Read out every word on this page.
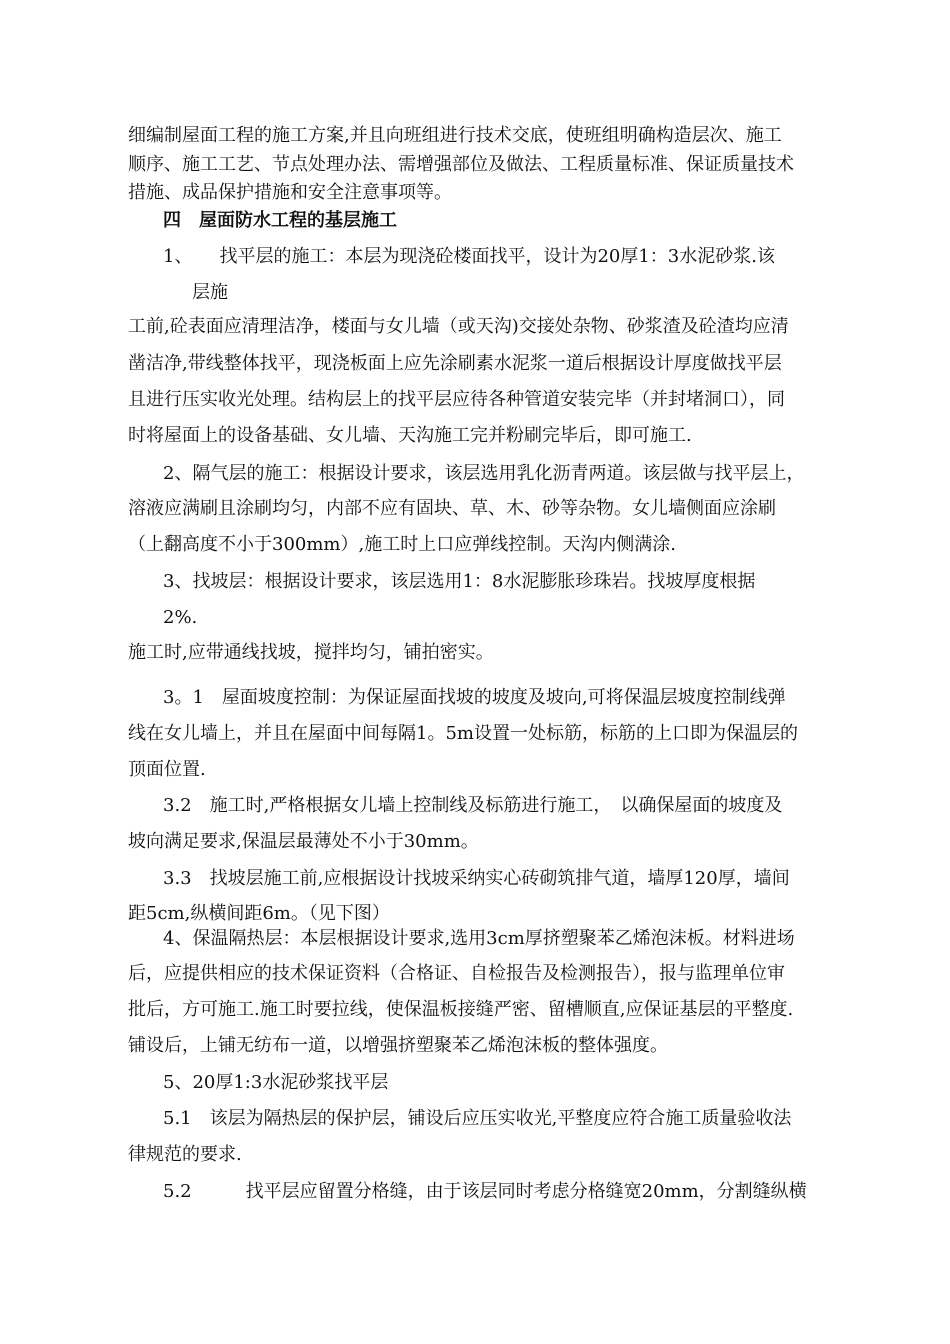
细编制屋面工程的施工方案,并且向班组进行技术交底，使班组明确构造层次、施工
顺序、施工工艺、节点处理办法、需增强部位及做法、工程质量标准、保证质量技术
措施、成品保护措施和安全注意事项等。
四　屋面防水工程的基层施工
1、　　找平层的施工：本层为现浇砼楼面找平，设计为20厚1：3水泥砂浆.该
层施
工前,砼表面应清理洁净，楼面与女儿墙（或天沟)交接处杂物、砂浆渣及砼渣均应清
凿洁净,带线整体找平，现浇板面上应先涂刷素水泥浆一道后根据设计厚度做找平层
且进行压实收光处理。结构层上的找平层应待各种管道安装完毕（并封堵洞口），同
时将屋面上的设备基础、女儿墙、天沟施工完并粉刷完毕后，即可施工.
2、隔气层的施工：根据设计要求，该层选用乳化沥青两道。该层做与找平层上，
溶液应满刷且涂刷均匀，内部不应有固块、草、木、砂等杂物。女儿墙侧面应涂刷
（上翻高度不小于300mm）,施工时上口应弹线控制。天沟内侧满涂.
3、找坡层：根据设计要求，该层选用1：8水泥膨胀珍珠岩。找坡厚度根据
2%.
施工时,应带通线找坡，搅拌均匀，铺拍密实。
3。1　屋面坡度控制：为保证屋面找坡的坡度及坡向,可将保温层坡度控制线弹
线在女儿墙上，并且在屋面中间每隔1。5m设置一处标筋，标筋的上口即为保温层的
顶面位置.
3.2　施工时,严格根据女儿墙上控制线及标筋进行施工，　以确保屋面的坡度及
坡向满足要求,保温层最薄处不小于30mm。
3.3　找坡层施工前,应根据设计找坡采纳实心砖砌筑排气道，墙厚120厚，墙间
距5cm,纵横间距6m。（见下图）
4、保温隔热层：本层根据设计要求,选用3cm厚挤塑聚苯乙烯泡沫板。材料进场
后，应提供相应的技术保证资料（合格证、自检报告及检测报告），报与监理单位审
批后，方可施工.施工时要拉线，使保温板接缝严密、留槽顺直,应保证基层的平整度.
铺设后，上铺无纺布一道，以增强挤塑聚苯乙烯泡沫板的整体强度。
5、20厚1:3水泥砂浆找平层
5.1　该层为隔热层的保护层，铺设后应压实收光,平整度应符合施工质量验收法
律规范的要求.
5.2　　　找平层应留置分格缝，由于该层同时考虑分格缝宽20mm，分割缝纵横
